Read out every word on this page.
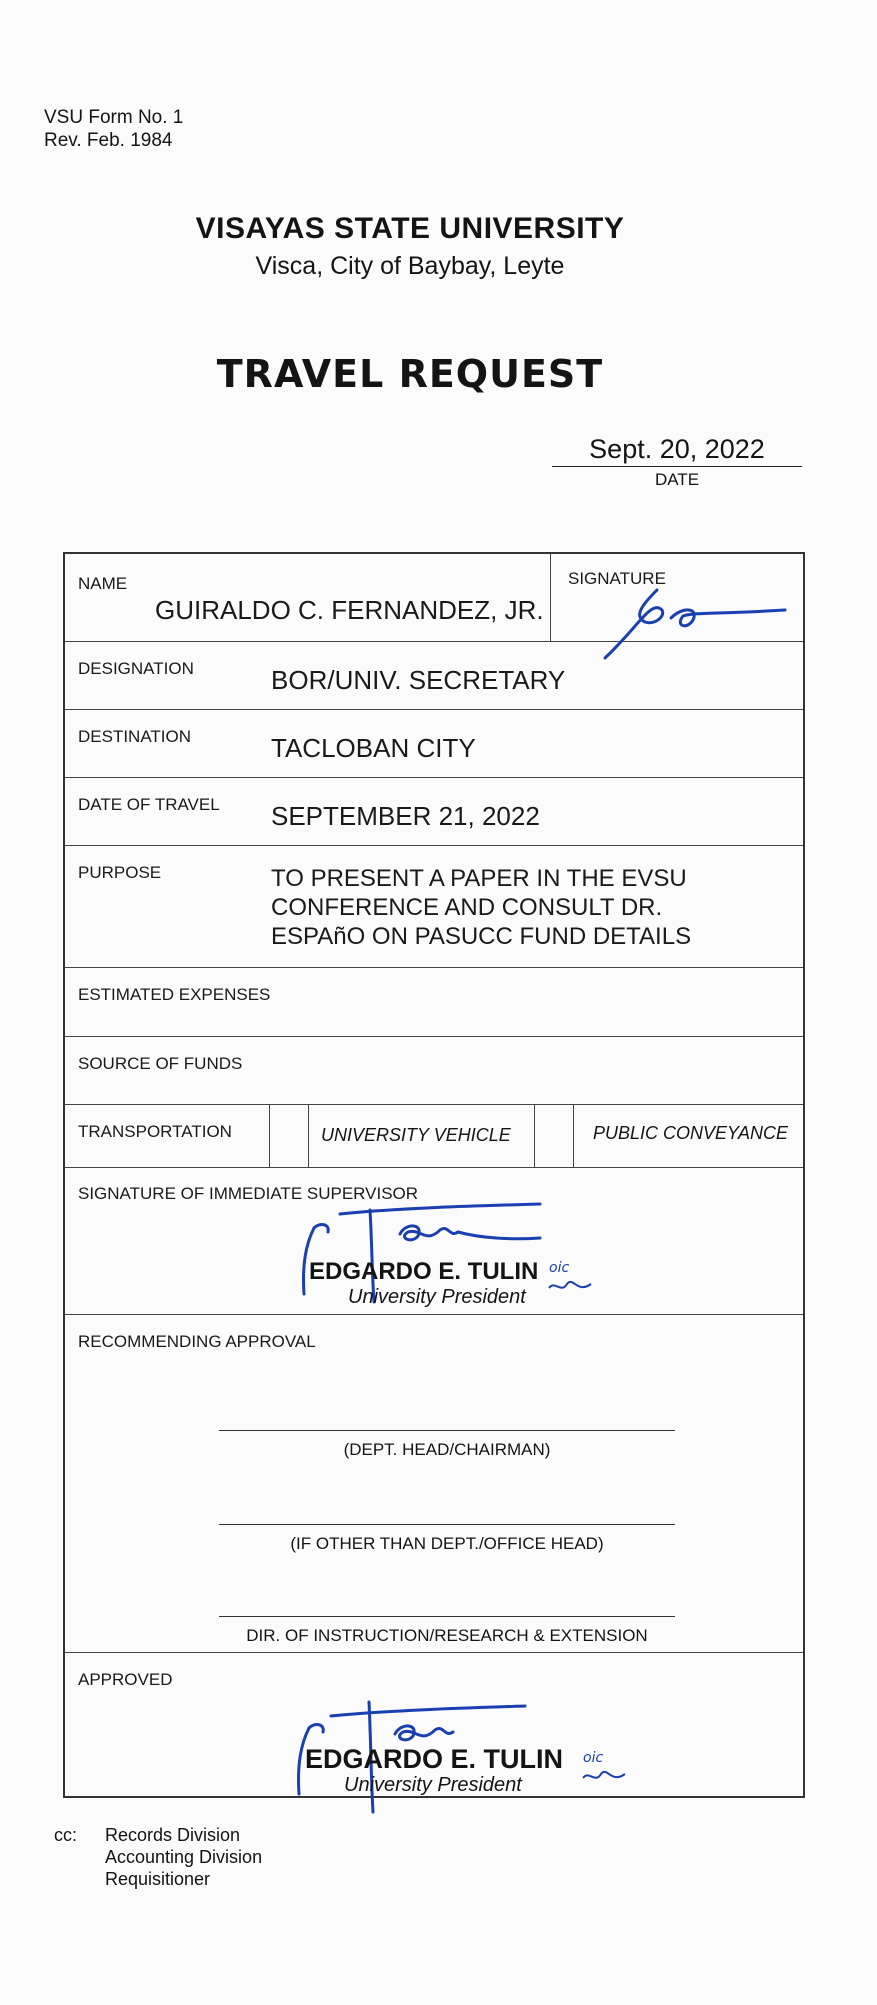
VSU Form No. 1
Rev. Feb. 1984
VISAYAS STATE UNIVERSITY
Visca, City of Baybay, Leyte
TRAVEL REQUEST
Sept. 20, 2022
DATE
NAME
GUIRALDO C. FERNANDEZ, JR.
SIGNATURE
DESIGNATION	BOR/UNIV. SECRETARY
DESTINATION	TACLOBAN CITY
DATE OF TRAVEL SEPTEMBER 21, 2022
PURPOSE	TO PRESENT A PAPER IN THE EVSU
CONFERENCE AND CONSULT DR.
ESPAñO ON PASUCC FUND DETAILS
ESTIMATED EXPENSES
SOURCE OF FUNDS
TRANSPORTATION	UNIVERSITY VEHICLE	PUBLIC CONVEYANCE
SIGNATURE OF IMMEDIATE SUPERVISOR
EDGARDO E. TULIN
University President
oic
RECOMMENDING APPROVAL
(DEPT. HEAD/CHAIRMAN)
(IF OTHER THAN DEPT./OFFICE HEAD)
DIR. OF INSTRUCTION/RESEARCH & EXTENSION
APPROVED
EDGARDO E. TULIN
University President
oic
cc: Records Division
Accounting Division
Requisitioner
